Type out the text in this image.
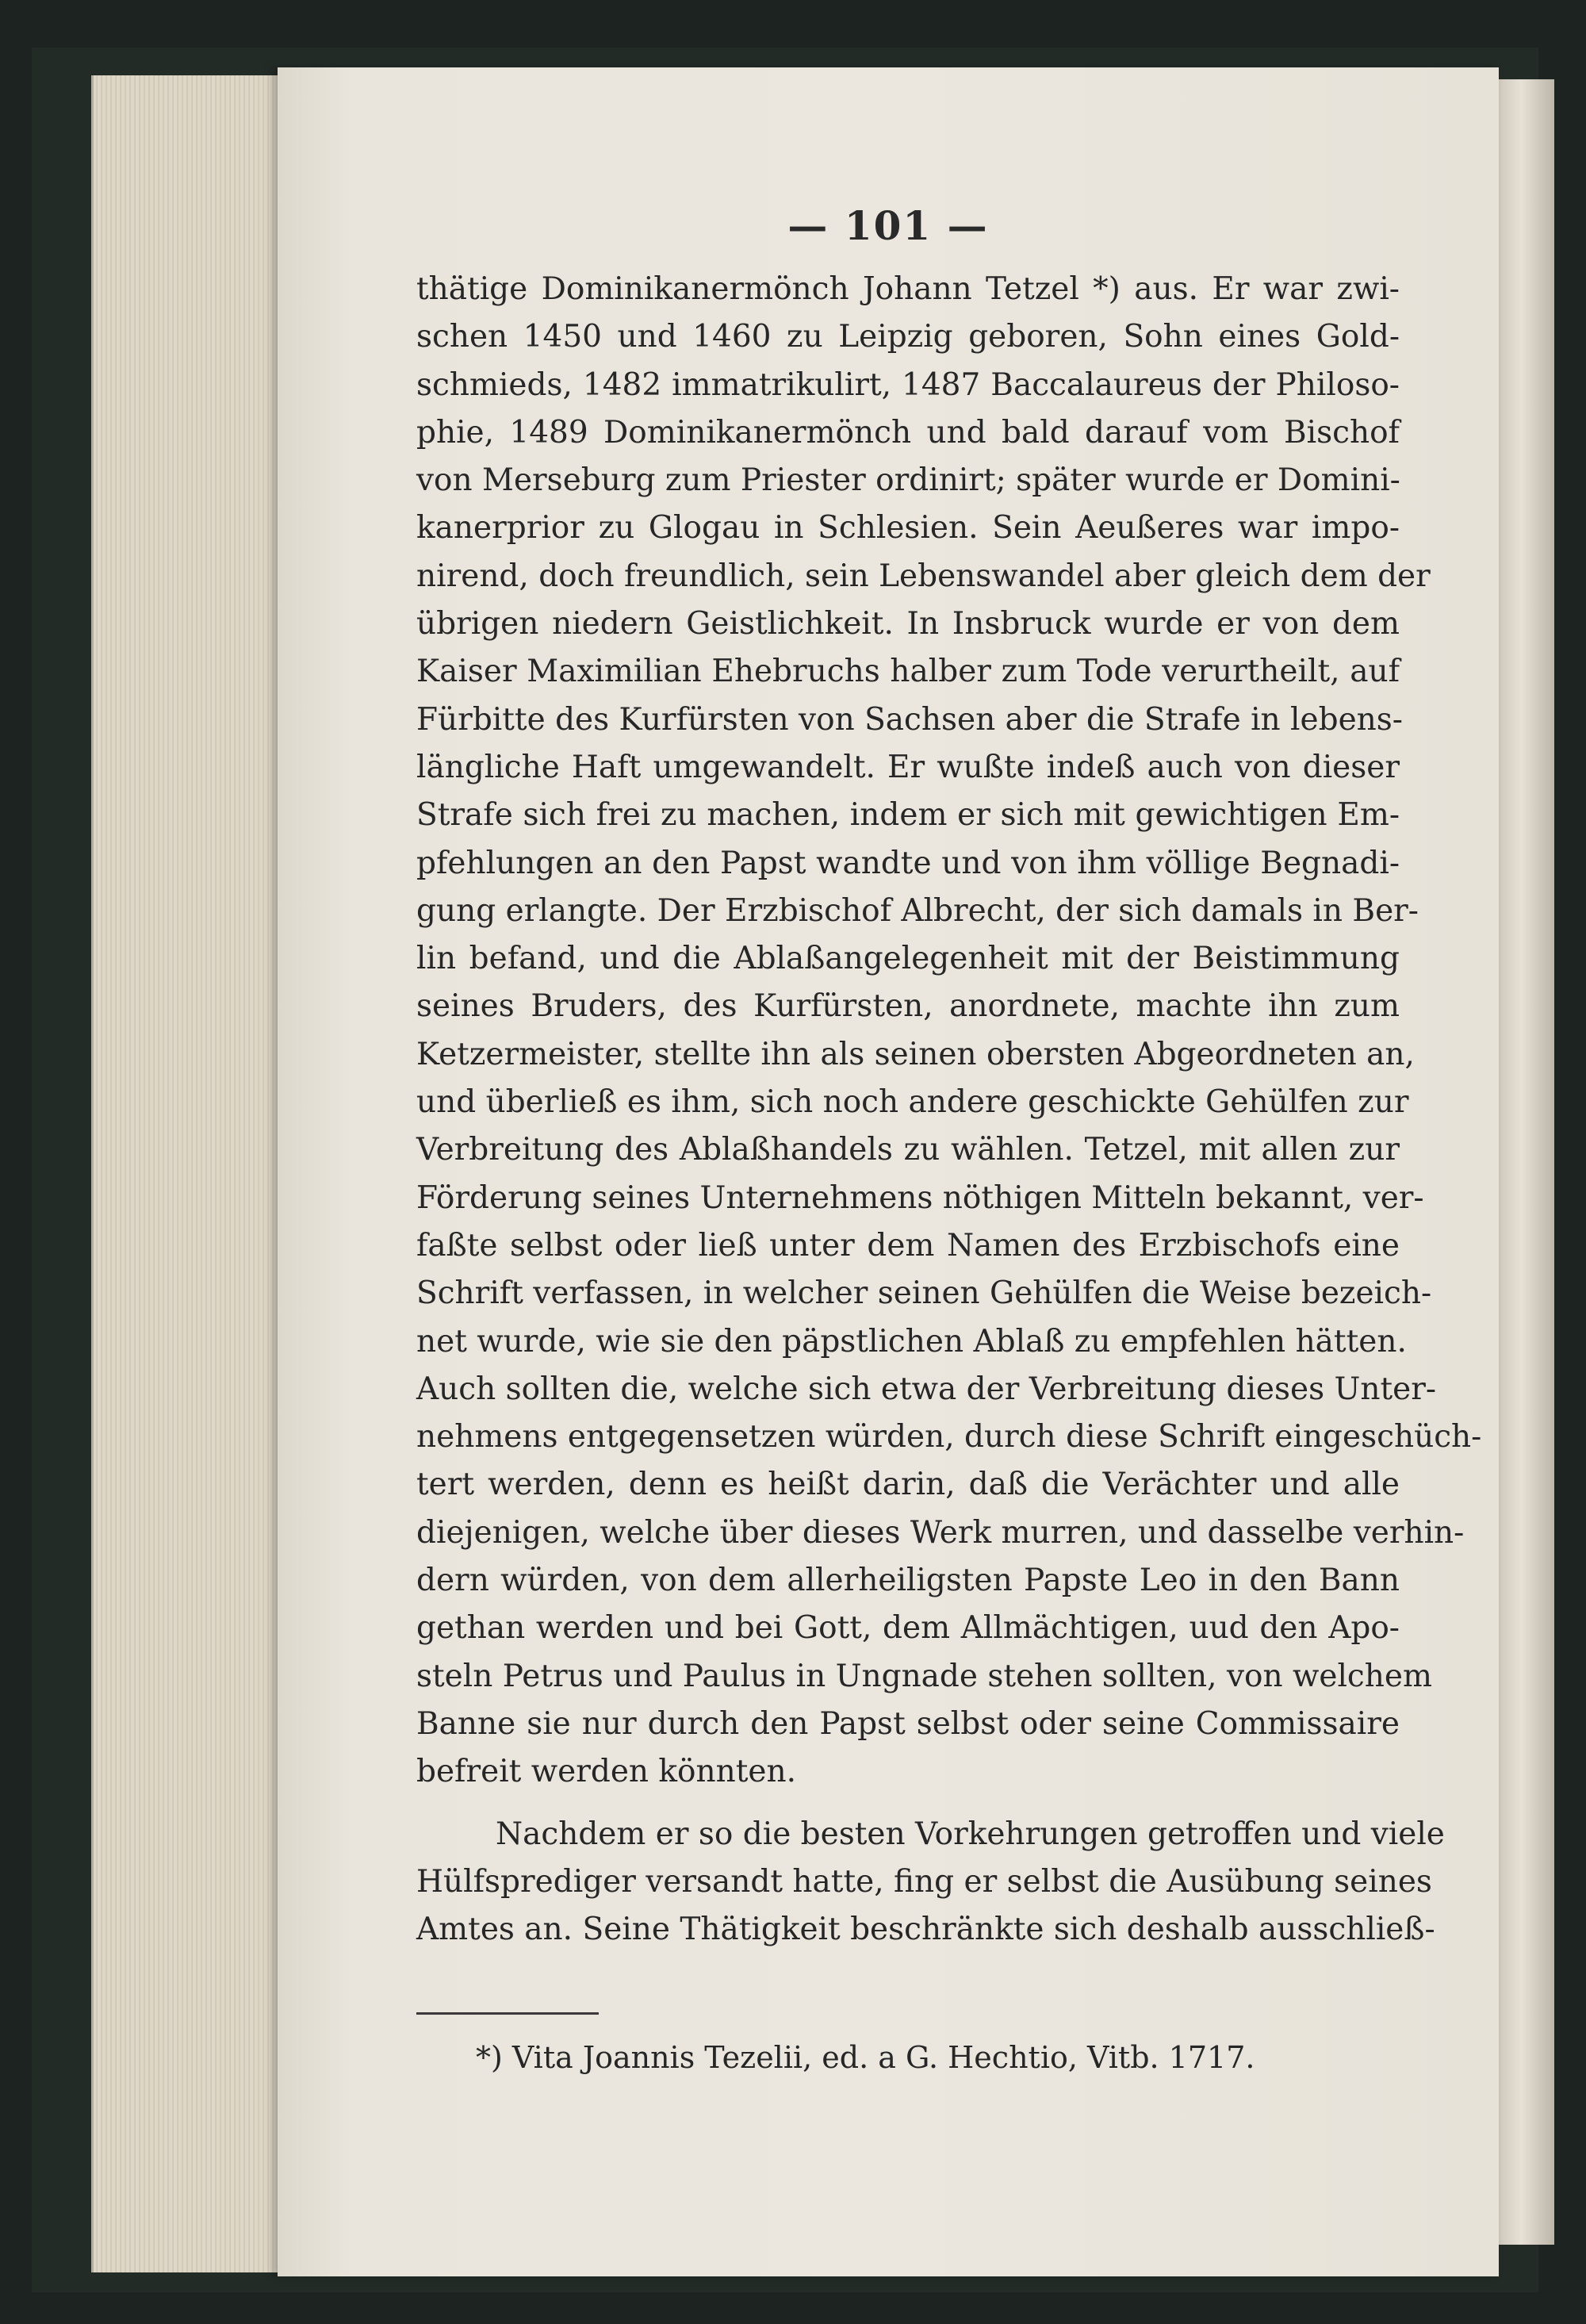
— 101 —
thätige Dominikanermönch Johann Tetzel *) aus. Er war zwi-
schen 1450 und 1460 zu Leipzig geboren, Sohn eines Gold-
schmieds, 1482 immatrikulirt, 1487 Baccalaureus der Philoso-
phie, 1489 Dominikanermönch und bald darauf vom Bischof
von Merseburg zum Priester ordinirt; später wurde er Domini-
kanerprior zu Glogau in Schlesien. Sein Aeußeres war impo-
nirend, doch freundlich, sein Lebenswandel aber gleich dem der
übrigen niedern Geistlichkeit. In Insbruck wurde er von dem
Kaiser Maximilian Ehebruchs halber zum Tode verurtheilt, auf
Fürbitte des Kurfürsten von Sachsen aber die Strafe in lebens-
längliche Haft umgewandelt. Er wußte indeß auch von dieser
Strafe sich frei zu machen, indem er sich mit gewichtigen Em-
pfehlungen an den Papst wandte und von ihm völlige Begnadi-
gung erlangte. Der Erzbischof Albrecht, der sich damals in Ber-
lin befand, und die Ablaßangelegenheit mit der Beistimmung
seines Bruders, des Kurfürsten, anordnete, machte ihn zum
Ketzermeister, stellte ihn als seinen obersten Abgeordneten an,
und überließ es ihm, sich noch andere geschickte Gehülfen zur
Verbreitung des Ablaßhandels zu wählen. Tetzel, mit allen zur
Förderung seines Unternehmens nöthigen Mitteln bekannt, ver-
faßte selbst oder ließ unter dem Namen des Erzbischofs eine
Schrift verfassen, in welcher seinen Gehülfen die Weise bezeich-
net wurde, wie sie den päpstlichen Ablaß zu empfehlen hätten.
Auch sollten die, welche sich etwa der Verbreitung dieses Unter-
nehmens entgegensetzen würden, durch diese Schrift eingeschüch-
tert werden, denn es heißt darin, daß die Verächter und alle
diejenigen, welche über dieses Werk murren, und dasselbe verhin-
dern würden, von dem allerheiligsten Papste Leo in den Bann
gethan werden und bei Gott, dem Allmächtigen, uud den Apo-
steln Petrus und Paulus in Ungnade stehen sollten, von welchem
Banne sie nur durch den Papst selbst oder seine Commissaire
befreit werden könnten.
Nachdem er so die besten Vorkehrungen getroffen und viele
Hülfsprediger versandt hatte, fing er selbst die Ausübung seines
Amtes an. Seine Thätigkeit beschränkte sich deshalb ausschließ-
*) Vita Joannis Tezelii, ed. a G. Hechtio, Vitb. 1717.
